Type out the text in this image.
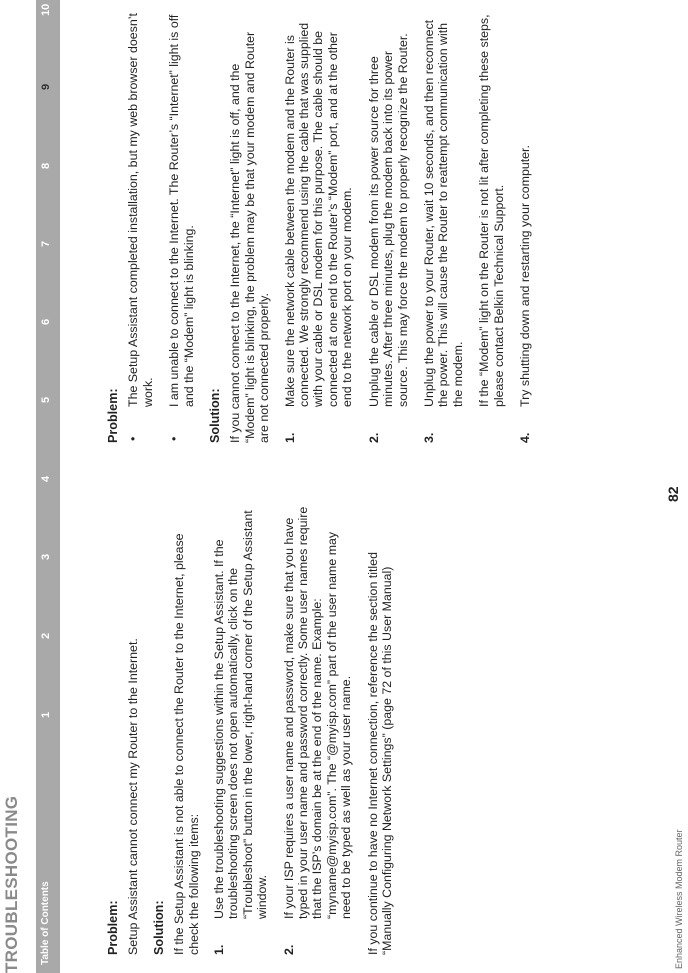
TROUBLESHOOTING Table of Contents
1
2
3
4
5
6
7
8
9
10
Problem: Setup Assistant cannot connect my Router to the Internet. Solution: If the Setup Assistant is not able to connect the Router to the Internet, please check the following items: 1.
Use the troubleshooting suggestions within the Setup Assistant. If the troubleshooting screen does not open automatically, click on the “Troubleshoot” button in the lower, right-hand corner of the Setup Assistant window.
2.
If your ISP requires a user name and password, make sure that you have typed in your user name and password correctly. Some user names require that the ISP’s domain be at the end of the name. Example: “myname@myisp.com”. The “@myisp.com” part of the user name may need to be typed as well as your user name. If you continue to have no Internet connection, reference the section titled “Manually Configuring Network Settings” (page 72 of this User Manual)

Problem: •
The Setup Assistant completed installation, but my web browser doesn’t work.
•
I am unable to connect to the Internet. The Router’s “Internet” light is off and the “Modem” light is blinking.
Solution: If you cannot connect to the Internet, the “Internet” light is off, and the “Modem” light is blinking, the problem may be that your modem and Router are not connected properly. 1.
Make sure the network cable between the modem and the Router is connected. We strongly recommend using the cable that was supplied with your cable or DSL modem for this purpose. The cable should be connected at one end to the Router’s “Modem” port, and at the other end to the network port on your modem.
2.
Unplug the cable or DSL modem from its power source for three minutes. After three minutes, plug the modem back into its power source. This may force the modem to properly recognize the Router.
3.
Unplug the power to your Router, wait 10 seconds, and then reconnect the power. This will cause the Router to reattempt communication with the modem. If the “Modem” light on the Router is not lit after completing these steps, please contact Belkin Technical Support.

4.
Try shutting down and restarting your computer.
82
Enhanced Wireless Modem Router
